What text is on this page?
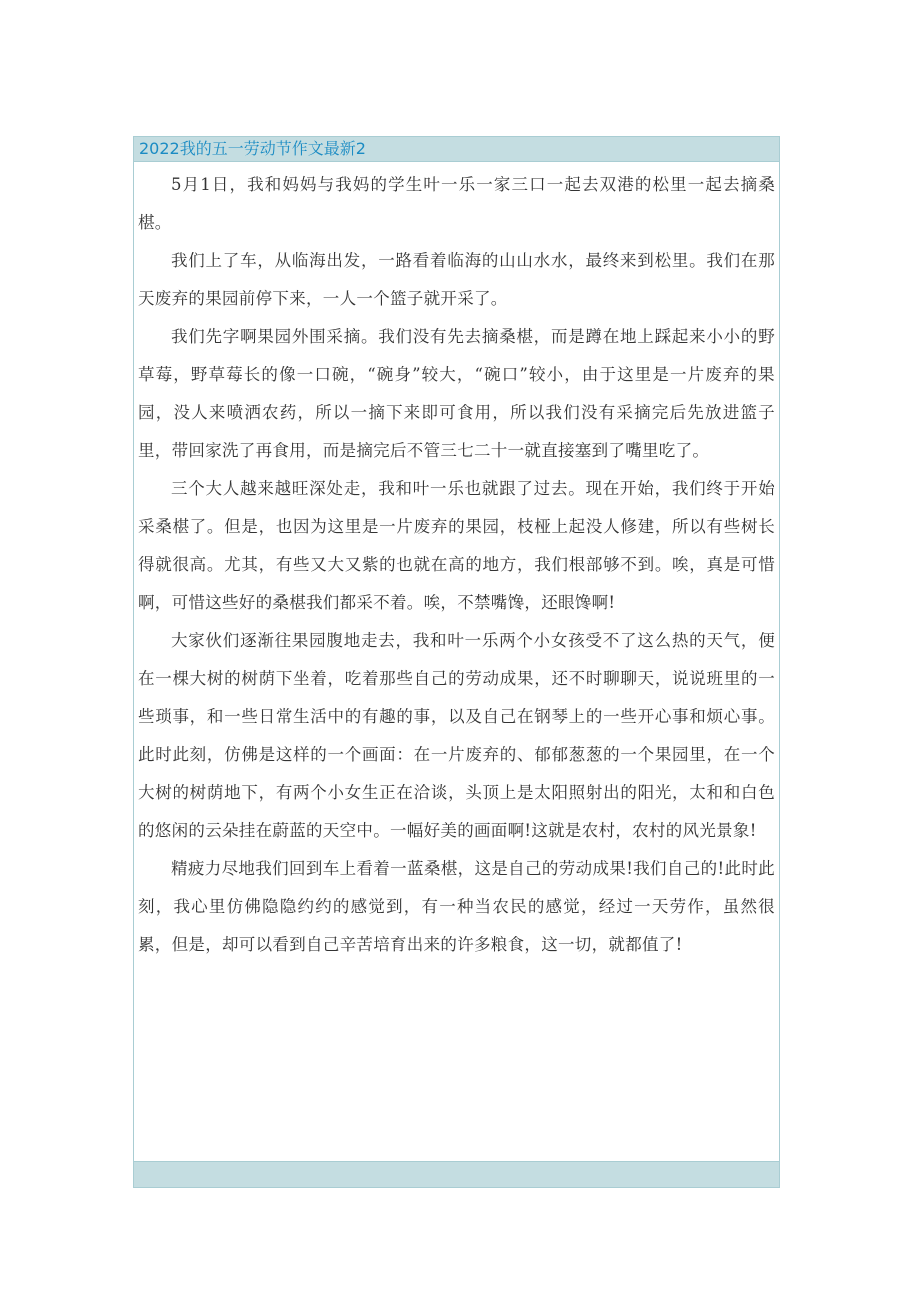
2022我的五一劳动节作文最新2

5月1日，我和妈妈与我妈的学生叶一乐一家三口一起去双港的松里一起去摘桑椹。

我们上了车，从临海出发，一路看着临海的山山水水，最终来到松里。我们在那天废弃的果园前停下来，一人一个篮子就开采了。

我们先字啊果园外围采摘。我们没有先去摘桑椹，而是蹲在地上踩起来小小的野草莓，野草莓长的像一口碗，“碗身”较大，“碗口”较小，由于这里是一片废弃的果园，没人来喷洒农药，所以一摘下来即可食用，所以我们没有采摘完后先放进篮子里，带回家洗了再食用，而是摘完后不管三七二十一就直接塞到了嘴里吃了。

三个大人越来越旺深处走，我和叶一乐也就跟了过去。现在开始，我们终于开始采桑椹了。但是，也因为这里是一片废弃的果园，枝桠上起没人修建，所以有些树长得就很高。尤其，有些又大又紫的也就在高的地方，我们根部够不到。唉，真是可惜啊，可惜这些好的桑椹我们都采不着。唉，不禁嘴馋，还眼馋啊!

大家伙们逐渐往果园腹地走去，我和叶一乐两个小女孩受不了这么热的天气，便在一棵大树的树荫下坐着，吃着那些自己的劳动成果，还不时聊聊天，说说班里的一些琐事，和一些日常生活中的有趣的事，以及自己在钢琴上的一些开心事和烦心事。此时此刻，仿佛是这样的一个画面：在一片废弃的、郁郁葱葱的一个果园里，在一个大树的树荫地下，有两个小女生正在洽谈，头顶上是太阳照射出的阳光，太和和白色的悠闲的云朵挂在蔚蓝的天空中。一幅好美的画面啊!这就是农村，农村的风光景象!

精疲力尽地我们回到车上看着一蓝桑椹，这是自己的劳动成果!我们自己的!此时此刻，我心里仿佛隐隐约约的感觉到，有一种当农民的感觉，经过一天劳作，虽然很累，但是，却可以看到自己辛苦培育出来的许多粮食，这一切，就都值了!
